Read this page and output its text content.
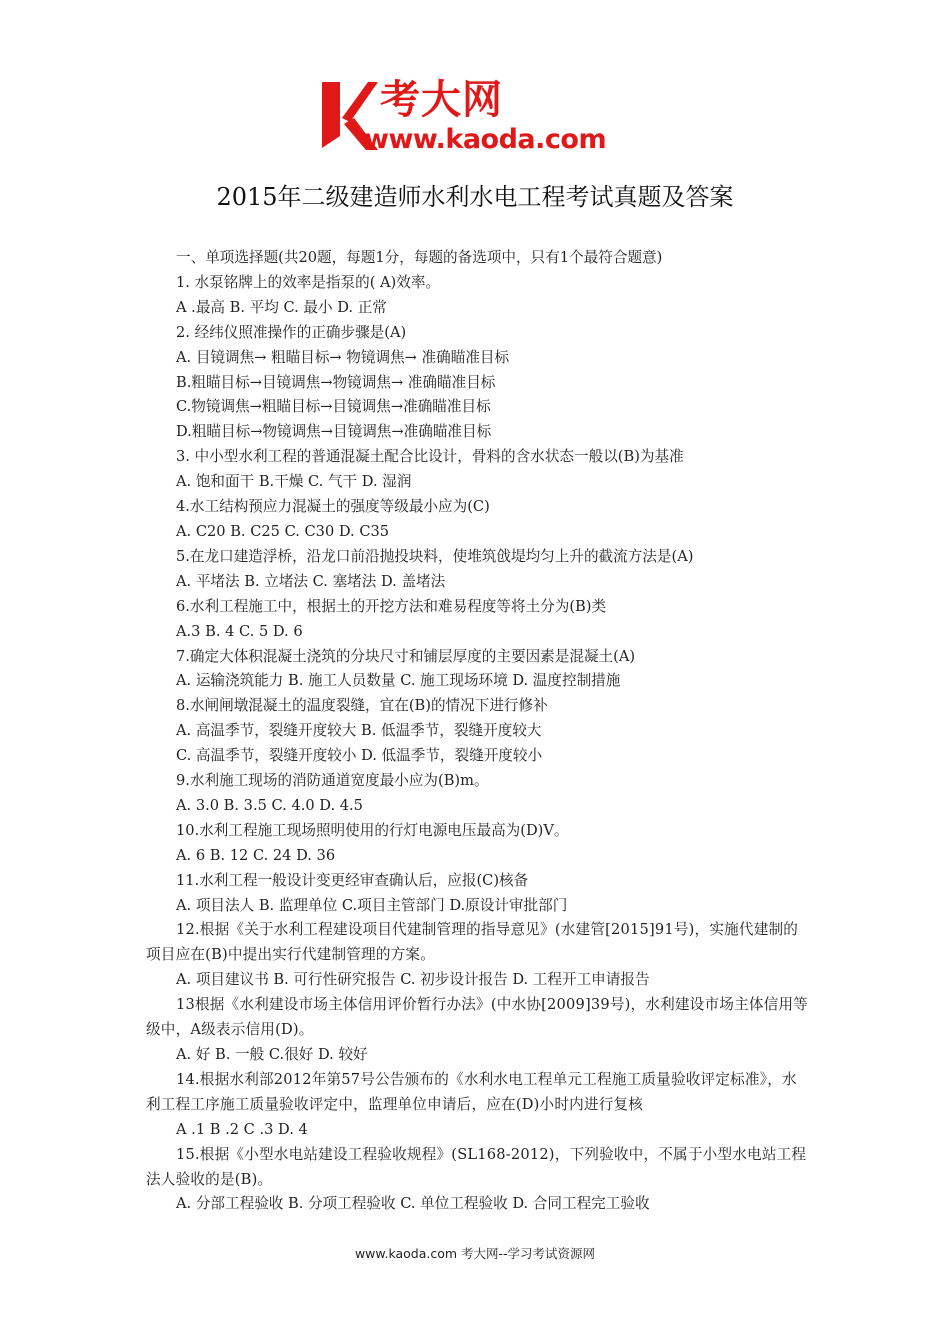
考大网
www.kaoda.com
2015年二级建造师水利水电工程考试真题及答案

一、单项选择题(共20题，每题1分，每题的备选项中，只有1个最符合题意)

1. 水泵铭牌上的效率是指泵的( A)效率。

A .最高 B. 平均 C. 最小 D. 正常

2. 经纬仪照准操作的正确步骤是(A)

A. 目镜调焦→ 粗瞄目标→ 物镜调焦→ 准确瞄准目标

B.粗瞄目标→目镜调焦→物镜调焦→ 准确瞄准目标

C.物镜调焦→粗瞄目标→目镜调焦→准确瞄准目标

D.粗瞄目标→物镜调焦→目镜调焦→准确瞄准目标

3. 中小型水利工程的普通混凝土配合比设计，骨料的含水状态一般以(B)为基准

A. 饱和面干 B.干燥 C. 气干 D. 湿润

4.水工结构预应力混凝土的强度等级最小应为(C)

A. C20 B. C25 C. C30 D. C35

5.在龙口建造浮桥，沿龙口前沿抛投块料，使堆筑戗堤均匀上升的截流方法是(A)

A. 平堵法 B. 立堵法 C. 塞堵法 D. 盖堵法

6.水利工程施工中，根据土的开挖方法和难易程度等将土分为(B)类

A.3 B. 4 C. 5 D. 6

7.确定大体积混凝土浇筑的分块尺寸和铺层厚度的主要因素是混凝土(A)

A. 运输浇筑能力 B. 施工人员数量 C. 施工现场环境 D. 温度控制措施

8.水闸闸墩混凝土的温度裂缝，宜在(B)的情况下进行修补

A. 高温季节，裂缝开度较大 B. 低温季节，裂缝开度较大

C. 高温季节，裂缝开度较小 D. 低温季节，裂缝开度较小

9.水利施工现场的消防通道宽度最小应为(B)m。

A. 3.0 B. 3.5 C. 4.0 D. 4.5

10.水利工程施工现场照明使用的行灯电源电压最高为(D)V。

A. 6 B. 12 C. 24 D. 36

11.水利工程一般设计变更经审查确认后，应报(C)核备

A. 项目法人 B. 监理单位 C.项目主管部门 D.原设计审批部门

12.根据《关于水利工程建设项目代建制管理的指导意见》(水建管[2015]91号)，实施代建制的项目应在(B)中提出实行代建制管理的方案。

A. 项目建议书 B. 可行性研究报告 C. 初步设计报告 D. 工程开工申请报告

13根据《水利建设市场主体信用评价暂行办法》(中水协[2009]39号)，水利建设市场主体信用等级中，A级表示信用(D)。

A. 好 B. 一般 C.很好 D. 较好

14.根据水利部2012年第57号公告颁布的《水利水电工程单元工程施工质量验收评定标准》，水利工程工序施工质量验收评定中，监理单位申请后，应在(D)小时内进行复核

A .1 B .2 C .3 D. 4

15.根据《小型水电站建设工程验收规程》(SL168-2012)，下列验收中，不属于小型水电站工程法人验收的是(B)。

A. 分部工程验收 B. 分项工程验收 C. 单位工程验收 D. 合同工程完工验收

www.kaoda.com 考大网--学习考试资源网
